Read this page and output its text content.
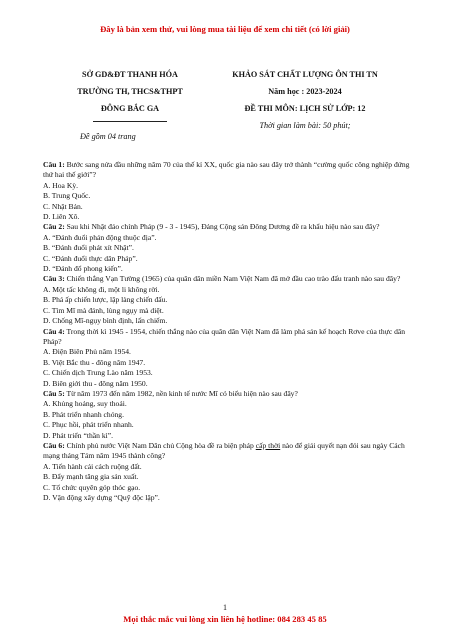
Đây là bản xem thử, vui lòng mua tài liệu để xem chi tiết (có lời giải)
SỞ GD&ĐT THANH HÓA
TRƯỜNG TH, THCS&THPT
ĐÔNG BẮC GA
KHẢO SÁT CHẤT LƯỢNG ÔN THI TN
Năm học : 2023-2024
ĐỀ THI MÔN: LỊCH SỬ LỚP: 12
Thời gian làm bài: 50 phút;
Đề gồm 04 trang

Câu 1: Bước sang nửa đầu những năm 70 của thế kỉ XX, quốc gia nào sau đây trở thành “cường quốc công nghiệp đứng thứ hai thế giới”?

A. Hoa Kỳ.

B. Trung Quốc.

C. Nhật Bản.

D. Liên Xô.

Câu 2: Sau khi Nhật đảo chính Pháp (9 - 3 - 1945), Đảng Cộng sản Đông Dương đề ra khẩu hiệu nào sau đây?

A. “Đánh đuổi phản động thuộc địa”.

B. “Đánh đuổi phát xít Nhật”.

C. “Đánh đuổi thực dân Pháp”.

D. “Đánh đổ phong kiến”.

Câu 3: Chiến thắng Vạn Tường (1965) của quân dân miền Nam Việt Nam đã mở đầu cao trào đấu tranh nào sau đây?

A. Một tấc không đi, một li không rời.

B. Phá ấp chiến lược, lập làng chiến đấu.

C. Tìm Mĩ mà đánh, lùng ngụy mà diệt.

D. Chống Mĩ-ngụy bình định, lấn chiếm.

Câu 4: Trong thời kì 1945 - 1954, chiến thắng nào của quân dân Việt Nam đã làm phá sản kế hoạch Rơve của thực dân Pháp?

A. Điện Biên Phủ năm 1954.

B. Việt Bắc thu - đông năm 1947.

C. Chiến dịch Trung Lào năm 1953.

D. Biên giới thu - đông năm 1950.

Câu 5: Từ năm 1973 đến năm 1982, nền kinh tế nước Mĩ có biểu hiện nào sau đây?

A. Khủng hoảng, suy thoái.

B. Phát triển nhanh chóng.

C. Phục hồi, phát triển nhanh.

D. Phát triển “thần kì”.

Câu 6: Chính phủ nước Việt Nam Dân chủ Cộng hòa đề ra biện pháp cấp thời nào để giải quyết nạn đói sau ngày Cách mạng tháng Tám năm 1945 thành công?

A. Tiến hành cải cách ruộng đất.

B. Đẩy mạnh tăng gia sản xuất.

C. Tổ chức quyên góp thóc gạo.

D. Vận động xây dựng “Quỹ độc lập”.

1
Mọi thắc mắc vui lòng xin liên hệ hotline: 084 283 45 85
